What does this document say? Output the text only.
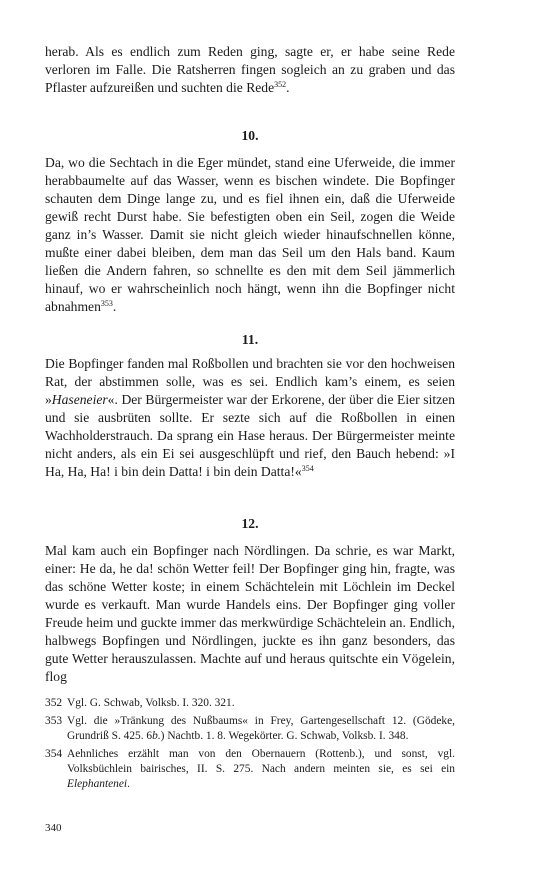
herab. Als es endlich zum Reden ging, sagte er, er habe seine Rede verloren im Falle. Die Ratsherren fingen sogleich an zu graben und das Pflaster aufzureißen und suchten die Rede$^{352}$.

10.

Da, wo die Sechtach in die Eger mündet, stand eine Uferweide, die immer herabbaumelte auf das Wasser, wenn es bischen windete. Die Bopfinger schauten dem Dinge lange zu, und es fiel ihnen ein, daß die Uferweide gewiß recht Durst habe. Sie befestigten oben ein Seil, zogen die Weide ganz in’s Wasser. Damit sie nicht gleich wieder hinaufschnellen könne, mußte einer dabei bleiben, dem man das Seil um den Hals band. Kaum ließen die Andern fahren, so schnellte es den mit dem Seil jämmerlich hinauf, wo er wahrscheinlich noch hängt, wenn ihn die Bopfinger nicht abnahmen$^{353}$.

11.

Die Bopfinger fanden mal Roßbollen und brachten sie vor den hochweisen Rat, der abstimmen solle, was es sei. Endlich kam’s einem, es seien »Haseneier«. Der Bürgermeister war der Erkorene, der über die Eier sitzen und sie ausbrüten sollte. Er sezte sich auf die Roßbollen in einen Wachholderstrauch. Da sprang ein Hase heraus. Der Bürgermeister meinte nicht anders, als ein Ei sei ausgeschlüpft und rief, den Bauch hebend: »I Ha, Ha, Ha! i bin dein Datta! i bin dein Datta!«$^{354}$

12.

Mal kam auch ein Bopfinger nach Nördlingen. Da schrie, es war Markt, einer: He da, he da! schön Wetter feil! Der Bopfinger ging hin, fragte, was das schöne Wetter koste; in einem Schächtelein mit Löchlein im Deckel wurde es verkauft. Man wurde Handels eins. Der Bopfinger ging voller Freude heim und guckte immer das merkwürdige Schächtelein an. Endlich, halbwegs Bopfingen und Nördlingen, juckte es ihn ganz besonders, das gute Wetter herauszulassen. Machte auf und heraus quitschte ein Vögelein, flog

352 Vgl. G. Schwab, Volksb. I. 320. 321.
353 Vgl. die »Tränkung des Nußbaums« in Frey, Gartengesellschaft 12. (Gödeke, Grundriß S. 425. 6b.) Nachtb. 1. 8. Wegekörter. G. Schwab, Volksb. I. 348.
354 Aehnliches erzählt man von den Obernauern (Rottenb.), und sonst, vgl. Volksbüchlein bairisches, II. S. 275. Nach andern meinten sie, es sei ein Elephantenei.
340
